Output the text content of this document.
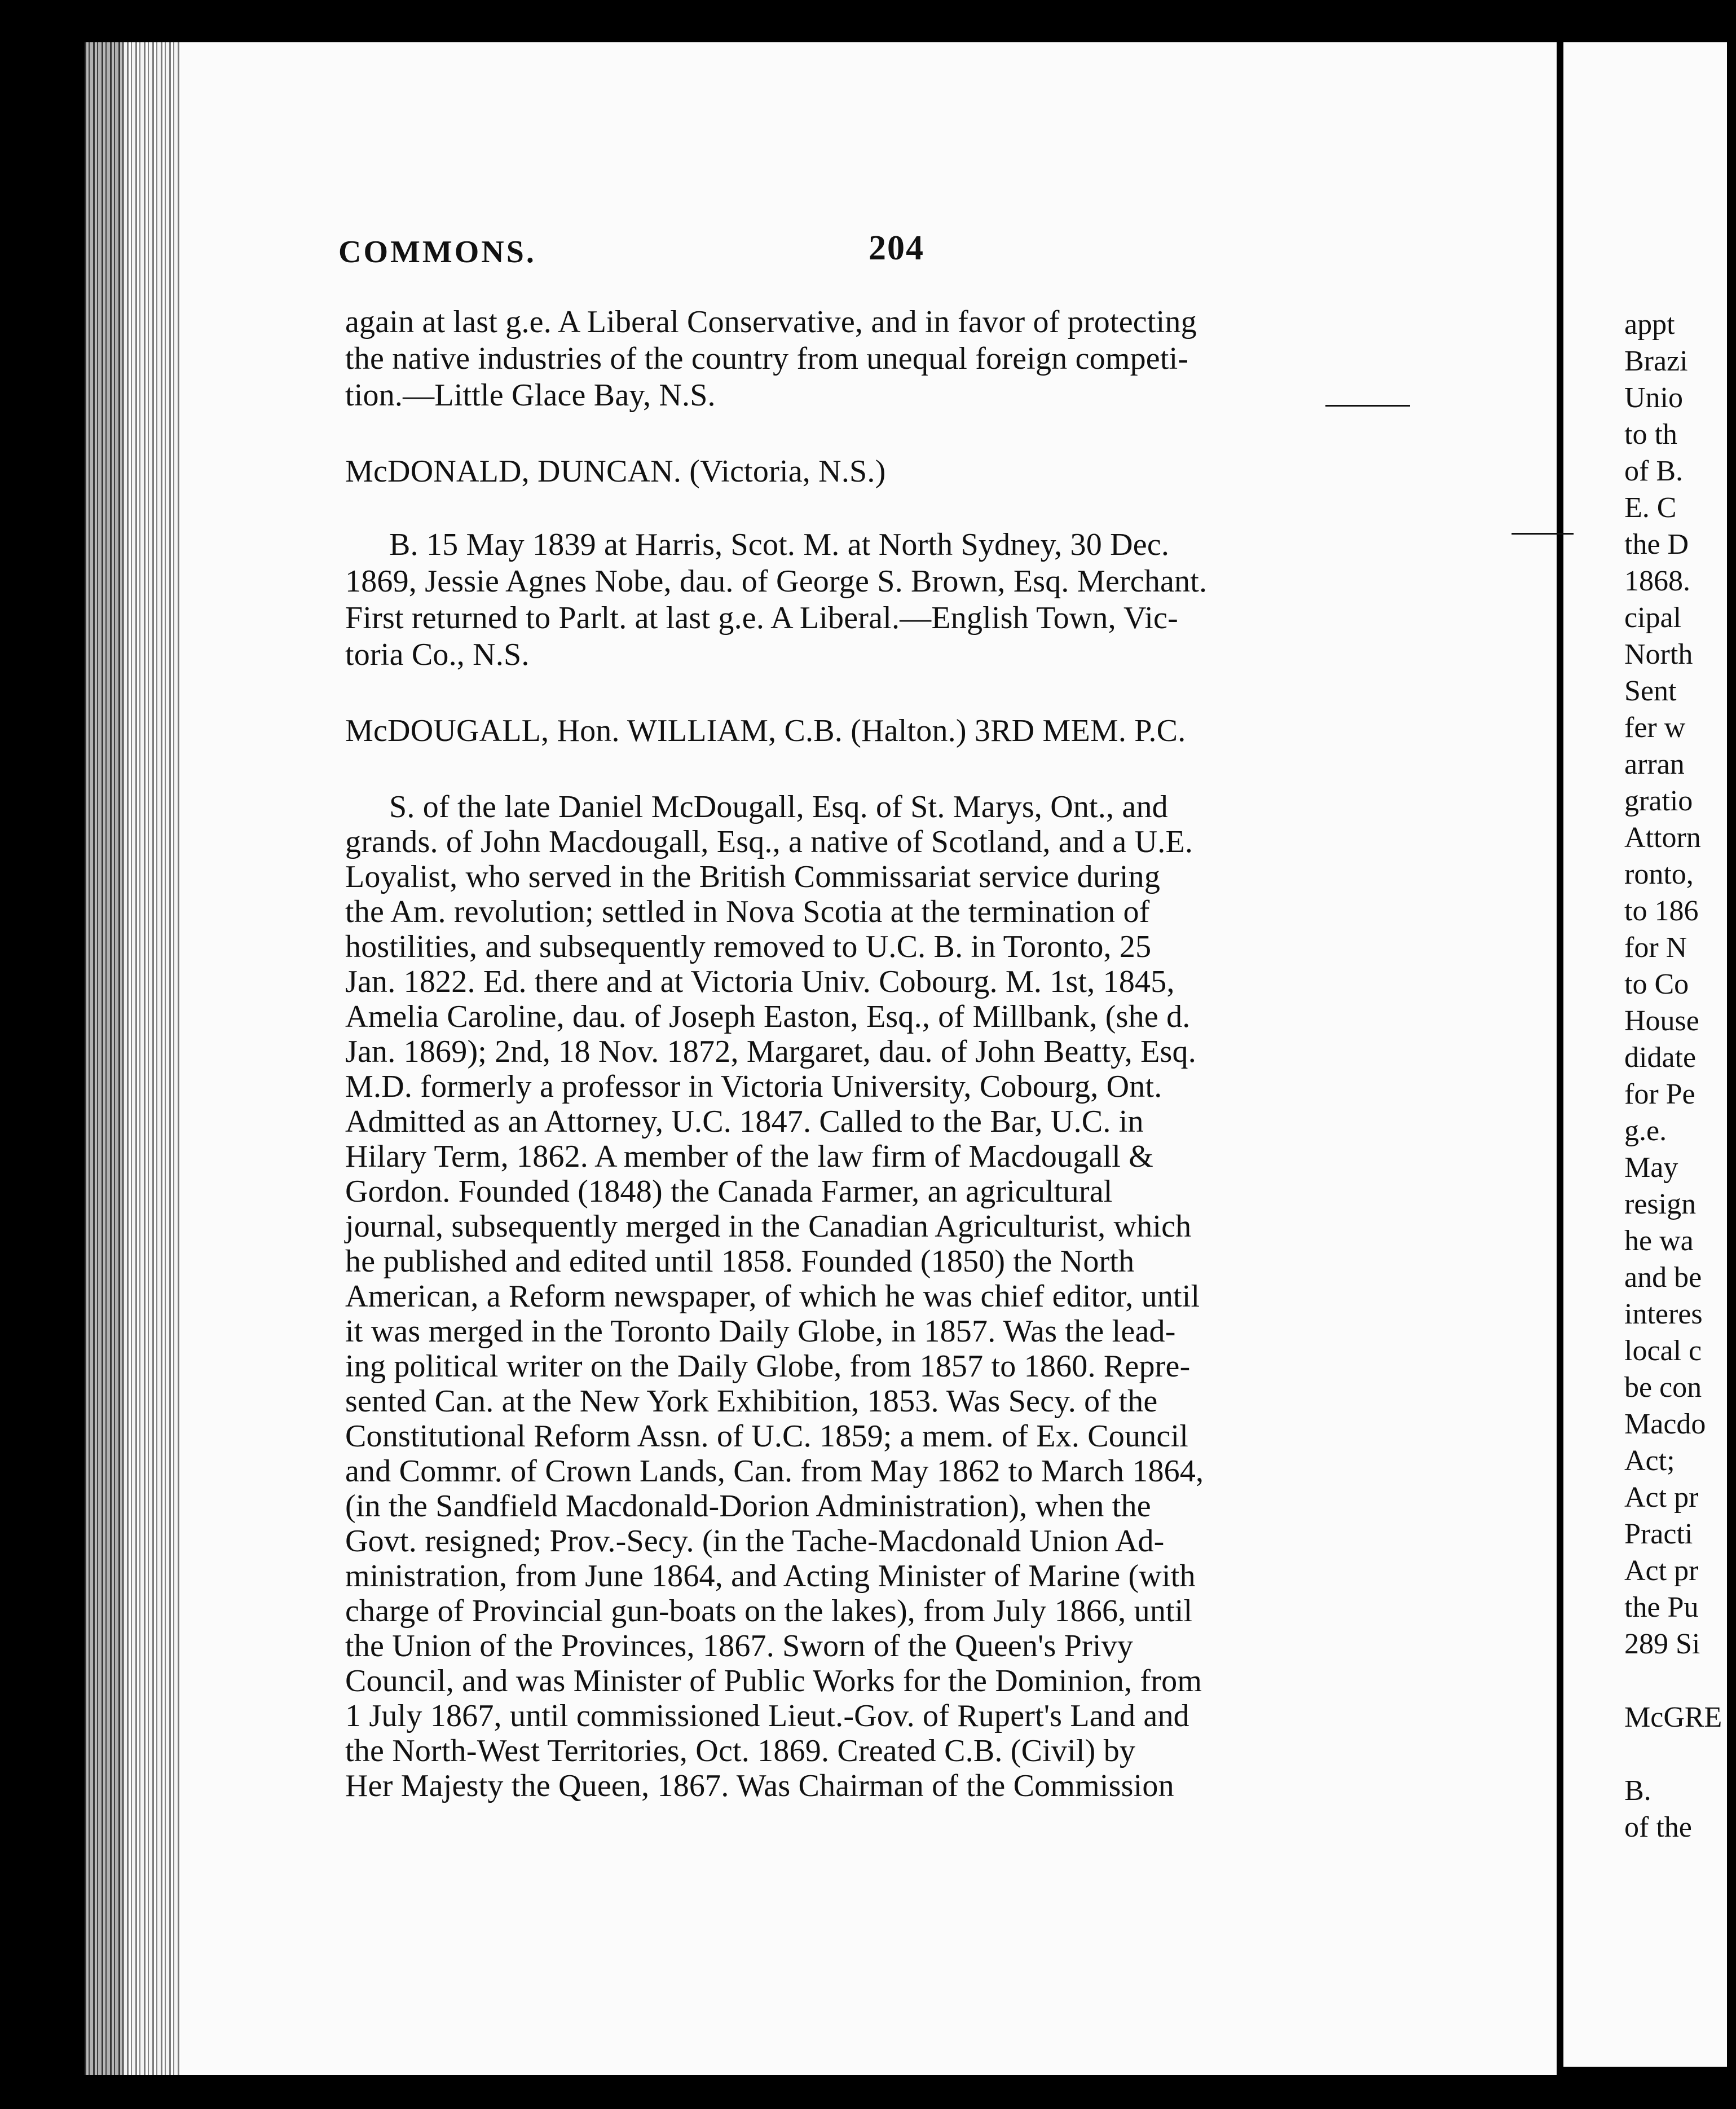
COMMONS.	204
again at last g.e. A Liberal Conservative, and in favor of protecting
the native industries of the country from unequal foreign competi-
tion.—Little Glace Bay, N.S.
McDONALD, DUNCAN. (Victoria, N.S.)
B. 15 May 1839 at Harris, Scot. M. at North Sydney, 30 Dec.
1869, Jessie Agnes Nobe, dau. of George S. Brown, Esq. Merchant.
First returned to Parlt. at last g.e. A Liberal.—English Town, Vic-
toria Co., N.S.
McDOUGALL, Hon. WILLIAM, C.B. (Halton.) 3RD MEM. P.C.
S. of the late Daniel McDougall, Esq. of St. Marys, Ont., and
grands. of John Macdougall, Esq., a native of Scotland, and a U.E.
Loyalist, who served in the British Commissariat service during
the Am. revolution; settled in Nova Scotia at the termination of
hostilities, and subsequently removed to U.C. B. in Toronto, 25
Jan. 1822. Ed. there and at Victoria Univ. Cobourg. M. 1st, 1845,
Amelia Caroline, dau. of Joseph Easton, Esq., of Millbank, (she d.
Jan. 1869); 2nd, 18 Nov. 1872, Margaret, dau. of John Beatty, Esq.
M.D. formerly a professor in Victoria University, Cobourg, Ont.
Admitted as an Attorney, U.C. 1847. Called to the Bar, U.C. in
Hilary Term, 1862. A member of the law firm of Macdougall &
Gordon. Founded (1848) the Canada Farmer, an agricultural
journal, subsequently merged in the Canadian Agriculturist, which
he published and edited until 1858. Founded (1850) the North
American, a Reform newspaper, of which he was chief editor, until
it was merged in the Toronto Daily Globe, in 1857. Was the lead-
ing political writer on the Daily Globe, from 1857 to 1860. Repre-
sented Can. at the New York Exhibition, 1853. Was Secy. of the
Constitutional Reform Assn. of U.C. 1859; a mem. of Ex. Council
and Commr. of Crown Lands, Can. from May 1862 to March 1864,
(in the Sandfield Macdonald-Dorion Administration), when the
Govt. resigned; Prov.-Secy. (in the Tache-Macdonald Union Ad-
ministration, from June 1864, and Acting Minister of Marine (with
charge of Provincial gun-boats on the lakes), from July 1866, until
the Union of the Provinces, 1867. Sworn of the Queen's Privy
Council, and was Minister of Public Works for the Dominion, from
1 July 1867, until commissioned Lieut.-Gov. of Rupert's Land and
the North-West Territories, Oct. 1869. Created C.B. (Civil) by
Her Majesty the Queen, 1867. Was Chairman of the Commission
appt
Brazi
Unio
to th
of B.
E. C
the D
1868.
cipal
North
Sent
fer w
arran
gratio
Attorn
ronto,
to 186
for N
to Co
House
didate
for Pe
g.e.
May
resign
he wa
and be
interes
local c
be con
Macdo
Act;
Act pr
Practi
Act pr
the Pu
289 Si
McGRE
B.
of the
